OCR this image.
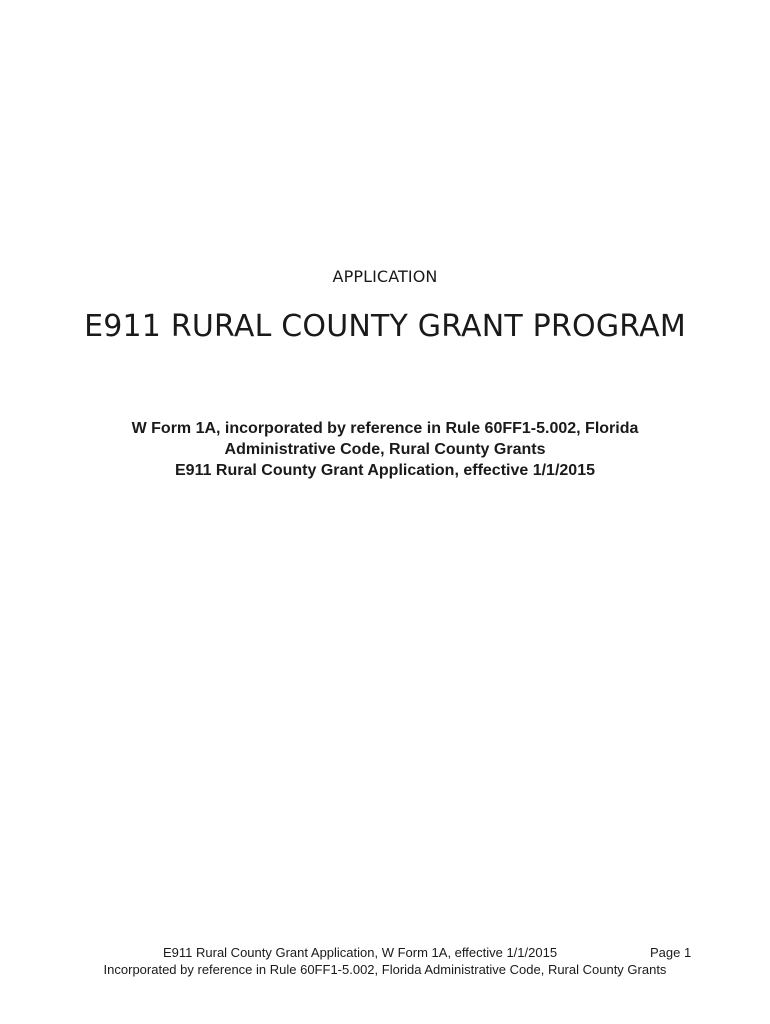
APPLICATION
E911 RURAL COUNTY GRANT PROGRAM
W Form 1A, incorporated by reference in Rule 60FF1-5.002, Florida
Administrative Code, Rural County Grants
E911 Rural County Grant Application, effective 1/1/2015
E911 Rural County Grant Application, W Form 1A, effective 1/1/2015	Page 1
Incorporated by reference in Rule 60FF1-5.002, Florida Administrative Code, Rural County Grants
